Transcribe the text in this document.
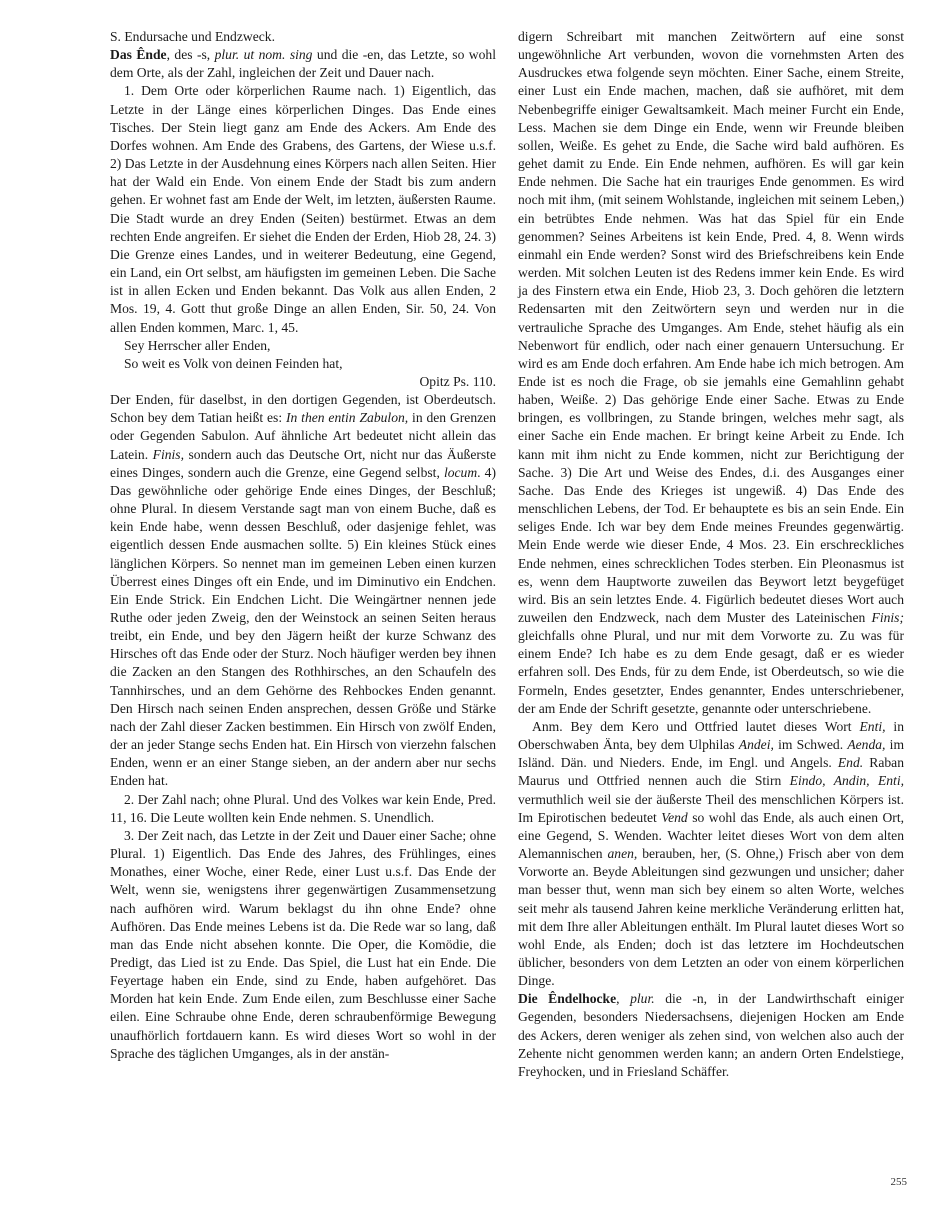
S. Endursache und Endzweck.

Das Ênde, des -s, plur. ut nom. sing und die -en, das Letzte, so wohl dem Orte, als der Zahl, ingleichen der Zeit und Dauer nach.

1. Dem Orte oder körperlichen Raume nach. 1) Eigentlich, das Letzte in der Länge eines körperlichen Dinges. Das Ende eines Tisches. Der Stein liegt ganz am Ende des Ackers. Am Ende des Dorfes wohnen. Am Ende des Grabens, des Gartens, der Wiese u.s.f. 2) Das Letzte in der Ausdehnung eines Körpers nach allen Seiten. Hier hat der Wald ein Ende. Von einem Ende der Stadt bis zum andern gehen. Er wohnet fast am Ende der Welt, im letzten, äußersten Raume. Die Stadt wurde an drey Enden (Seiten) bestürmet. Etwas an dem rechten Ende angreifen. Er siehet die Enden der Erden, Hiob 28, 24. 3) Die Grenze eines Landes, und in weiterer Bedeutung, eine Gegend, ein Land, ein Ort selbst, am häufigsten im gemeinen Leben. Die Sache ist in allen Ecken und Enden bekannt. Das Volk aus allen Enden, 2 Mos. 19, 4. Gott thut große Dinge an allen Enden, Sir. 50, 24. Von allen Enden kommen, Marc. 1, 45.

Sey Herrscher aller Enden,

So weit es Volk von deinen Feinden hat,

Opitz Ps. 110.

Der Enden, für daselbst, in den dortigen Gegenden, ist Oberdeutsch. Schon bey dem Tatian heißt es: In then entin Zabulon, in den Grenzen oder Gegenden Sabulon. Auf ähnliche Art bedeutet nicht allein das Latein. Finis, sondern auch das Deutsche Ort, nicht nur das Äußerste eines Dinges, sondern auch die Grenze, eine Gegend selbst, locum. 4) Das gewöhnliche oder gehörige Ende eines Dinges, der Beschluß; ohne Plural. In diesem Verstande sagt man von einem Buche, daß es kein Ende habe, wenn dessen Beschluß, oder dasjenige fehlet, was eigentlich dessen Ende ausmachen sollte. 5) Ein kleines Stück eines länglichen Körpers. So nennet man im gemeinen Leben einen kurzen Überrest eines Dinges oft ein Ende, und im Diminutivo ein Endchen. Ein Ende Strick. Ein Endchen Licht. Die Weingärtner nennen jede Ruthe oder jeden Zweig, den der Weinstock an seinen Seiten heraus treibt, ein Ende, und bey den Jägern heißt der kurze Schwanz des Hirsches oft das Ende oder der Sturz. Noch häufiger werden bey ihnen die Zacken an den Stangen des Rothhirsches, an den Schaufeln des Tannhirsches, und an dem Gehörne des Rehbockes Enden genannt. Den Hirsch nach seinen Enden ansprechen, dessen Größe und Stärke nach der Zahl dieser Zacken bestimmen. Ein Hirsch von zwölf Enden, der an jeder Stange sechs Enden hat. Ein Hirsch von vierzehn falschen Enden, wenn er an einer Stange sieben, an der andern aber nur sechs Enden hat.

2. Der Zahl nach; ohne Plural. Und des Volkes war kein Ende, Pred. 11, 16. Die Leute wollten kein Ende nehmen. S. Unendlich.

3. Der Zeit nach, das Letzte in der Zeit und Dauer einer Sache; ohne Plural. 1) Eigentlich. Das Ende des Jahres, des Frühlinges, eines Monathes, einer Woche, einer Rede, einer Lust u.s.f. Das Ende der Welt, wenn sie, wenigstens ihrer gegenwärtigen Zusammensetzung nach aufhören wird. Warum beklagst du ihn ohne Ende? ohne Aufhören. Das Ende meines Lebens ist da. Die Rede war so lang, daß man das Ende nicht absehen konnte. Die Oper, die Komödie, die Predigt, das Lied ist zu Ende. Das Spiel, die Lust hat ein Ende. Die Feyertage haben ein Ende, sind zu Ende, haben aufgehöret. Das Morden hat kein Ende. Zum Ende eilen, zum Beschlusse einer Sache eilen. Eine Schraube ohne Ende, deren schraubenförmige Bewegung unaufhörlich fortdauern kann. Es wird dieses Wort so wohl in der Sprache des täglichen Umganges, als in der anstän-

digern Schreibart mit manchen Zeitwörtern auf eine sonst ungewöhnliche Art verbunden, wovon die vornehmsten Arten des Ausdruckes etwa folgende seyn möchten. Einer Sache, einem Streite, einer Lust ein Ende machen, machen, daß sie aufhöret, mit dem Nebenbegriffe einiger Gewaltsamkeit. Mach meiner Furcht ein Ende, Less. Machen sie dem Dinge ein Ende, wenn wir Freunde bleiben sollen, Weiße. Es gehet zu Ende, die Sache wird bald aufhören. Es gehet damit zu Ende. Ein Ende nehmen, aufhören. Es will gar kein Ende nehmen. Die Sache hat ein trauriges Ende genommen. Es wird noch mit ihm, (mit seinem Wohlstande, ingleichen mit seinem Leben,) ein betrübtes Ende nehmen. Was hat das Spiel für ein Ende genommen? Seines Arbeitens ist kein Ende, Pred. 4, 8. Wenn wirds einmahl ein Ende werden? Sonst wird des Briefschreibens kein Ende werden. Mit solchen Leuten ist des Redens immer kein Ende. Es wird ja des Finstern etwa ein Ende, Hiob 23, 3. Doch gehören die letztern Redensarten mit den Zeitwörtern seyn und werden nur in die vertrauliche Sprache des Umganges. Am Ende, stehet häufig als ein Nebenwort für endlich, oder nach einer genauern Untersuchung. Er wird es am Ende doch erfahren. Am Ende habe ich mich betrogen. Am Ende ist es noch die Frage, ob sie jemahls eine Gemahlinn gehabt haben, Weiße. 2) Das gehörige Ende einer Sache. Etwas zu Ende bringen, es vollbringen, zu Stande bringen, welches mehr sagt, als einer Sache ein Ende machen. Er bringt keine Arbeit zu Ende. Ich kann mit ihm nicht zu Ende kommen, nicht zur Berichtigung der Sache. 3) Die Art und Weise des Endes, d.i. des Ausganges einer Sache. Das Ende des Krieges ist ungewiß. 4) Das Ende des menschlichen Lebens, der Tod. Er behauptete es bis an sein Ende. Ein seliges Ende. Ich war bey dem Ende meines Freundes gegenwärtig. Mein Ende werde wie dieser Ende, 4 Mos. 23. Ein erschreckliches Ende nehmen, eines schrecklichen Todes sterben. Ein Pleonasmus ist es, wenn dem Hauptworte zuweilen das Beywort letzt beygefüget wird. Bis an sein letztes Ende. 4. Figürlich bedeutet dieses Wort auch zuweilen den Endzweck, nach dem Muster des Lateinischen Finis; gleichfalls ohne Plural, und nur mit dem Vorworte zu. Zu was für einem Ende? Ich habe es zu dem Ende gesagt, daß er es wieder erfahren soll. Des Ends, für zu dem Ende, ist Oberdeutsch, so wie die Formeln, Endes gesetzter, Endes genannter, Endes unterschriebener, der am Ende der Schrift gesetzte, genannte oder unterschriebene.

Anm. Bey dem Kero und Ottfried lautet dieses Wort Enti, in Oberschwaben Änta, bey dem Ulphilas Andei, im Schwed. Aenda, im Isländ. Dän. und Nieders. Ende, im Engl. und Angels. End. Raban Maurus und Ottfried nennen auch die Stirn Eindo, Andin, Enti, vermuthlich weil sie der äußerste Theil des menschlichen Körpers ist. Im Epirotischen bedeutet Vend so wohl das Ende, als auch einen Ort, eine Gegend, S. Wenden. Wachter leitet dieses Wort von dem alten Alemannischen anen, berauben, her, (S. Ohne,) Frisch aber von dem Vorworte an. Beyde Ableitungen sind gezwungen und unsicher; daher man besser thut, wenn man sich bey einem so alten Worte, welches seit mehr als tausend Jahren keine merkliche Veränderung erlitten hat, mit dem Ihre aller Ableitungen enthält. Im Plural lautet dieses Wort so wohl Ende, als Enden; doch ist das letztere im Hochdeutschen üblicher, besonders von dem Letzten an oder von einem körperlichen Dinge.

Die Êndelhocke, plur. die -n, in der Landwirthschaft einiger Gegenden, besonders Niedersachsens, diejenigen Hocken am Ende des Ackers, deren weniger als zehen sind, von welchen also auch der Zehente nicht genommen werden kann; an andern Orten Endelstiege, Freyhocken, und in Friesland Schäffer.

255
